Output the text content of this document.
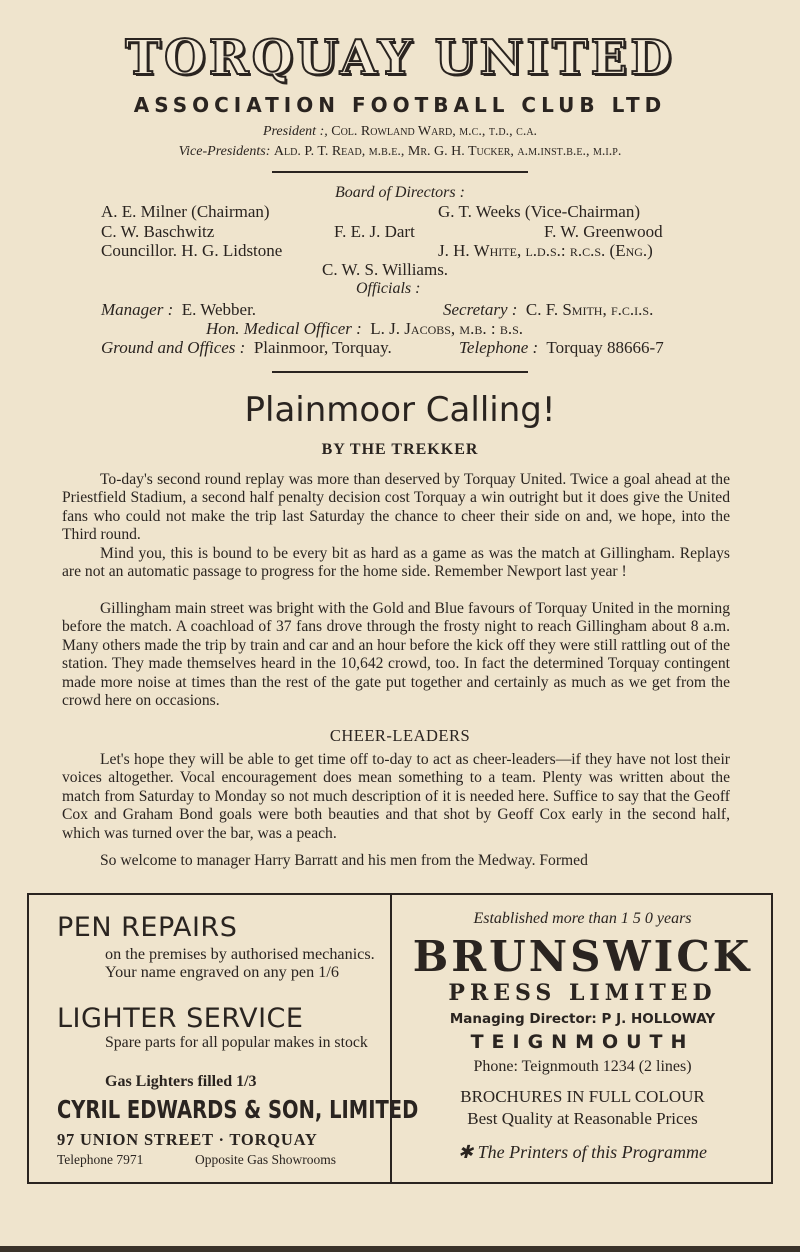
TORQUAY UNITED
ASSOCIATION FOOTBALL CLUB LTD
President :, Col. Rowland Ward, m.c., t.d., c.a.
Vice-Presidents: Ald. P. T. Read, m.b.e., Mr. G. H. Tucker, a.m.inst.b.e., m.i.p.
Board of Directors :
A. E. Milner (Chairman)	G. T. Weeks (Vice-Chairman)
C. W. Baschwitz	F. E. J. Dart	F. W. Greenwood
Councillor. H. G. Lidstone	J. H. White, l.d.s.: r.c.s. (Eng.)
C. W. S. Williams.
Officials :
Manager : E. Webber.	Secretary : C. F. Smith, f.c.i.s.
Hon. Medical Officer : L. J. Jacobs, m.b. : b.s.
Ground and Offices : Plainmoor, Torquay.	Telephone : Torquay 88666-7
Plainmoor Calling!
BY THE TREKKER

To-day's second round replay was more than deserved by Torquay United. Twice a goal ahead at the Priestfield Stadium, a second half penalty decision cost Torquay a win outright but it does give the United fans who could not make the trip last Saturday the chance to cheer their side on and, we hope, into the Third round.

Mind you, this is bound to be every bit as hard as a game as was the match at Gillingham. Replays are not an automatic passage to progress for the home side. Remember Newport last year !

Gillingham main street was bright with the Gold and Blue favours of Torquay United in the morning before the match. A coachload of 37 fans drove through the frosty night to reach Gillingham about 8 a.m. Many others made the trip by train and car and an hour before the kick off they were still rattling out of the station. They made themselves heard in the 10,642 crowd, too. In fact the determined Torquay contingent made more noise at times than the rest of the gate put together and certainly as much as we get from the crowd here on occasions.

CHEER-LEADERS

Let's hope they will be able to get time off to-day to act as cheer-leaders—if they have not lost their voices altogether. Vocal encouragement does mean something to a team. Plenty was written about the match from Saturday to Monday so not much description of it is needed here. Suffice to say that the Geoff Cox and Graham Bond goals were both beauties and that shot by Geoff Cox early in the second half, which was turned over the bar, was a peach.

So welcome to manager Harry Barratt and his men from the Medway. Formed

PEN REPAIRS
on the premises by authorised mechanics. Your name engraved on any pen 1/6
LIGHTER SERVICE
Spare parts for all popular makes in stock
Gas Lighters filled 1/3
CYRIL EDWARDS & SON, LIMITED
97 UNION STREET · TORQUAY
Telephone 7971	Opposite Gas Showrooms
Established more than 1 5 0 years
BRUNSWICK
PRESS LIMITED
Managing Director: P J. HOLLOWAY
TEIGNMOUTH
Phone: Teignmouth 1234 (2 lines)
BROCHURES IN FULL COLOUR
Best Quality at Reasonable Prices
✱ The Printers of this Programme
